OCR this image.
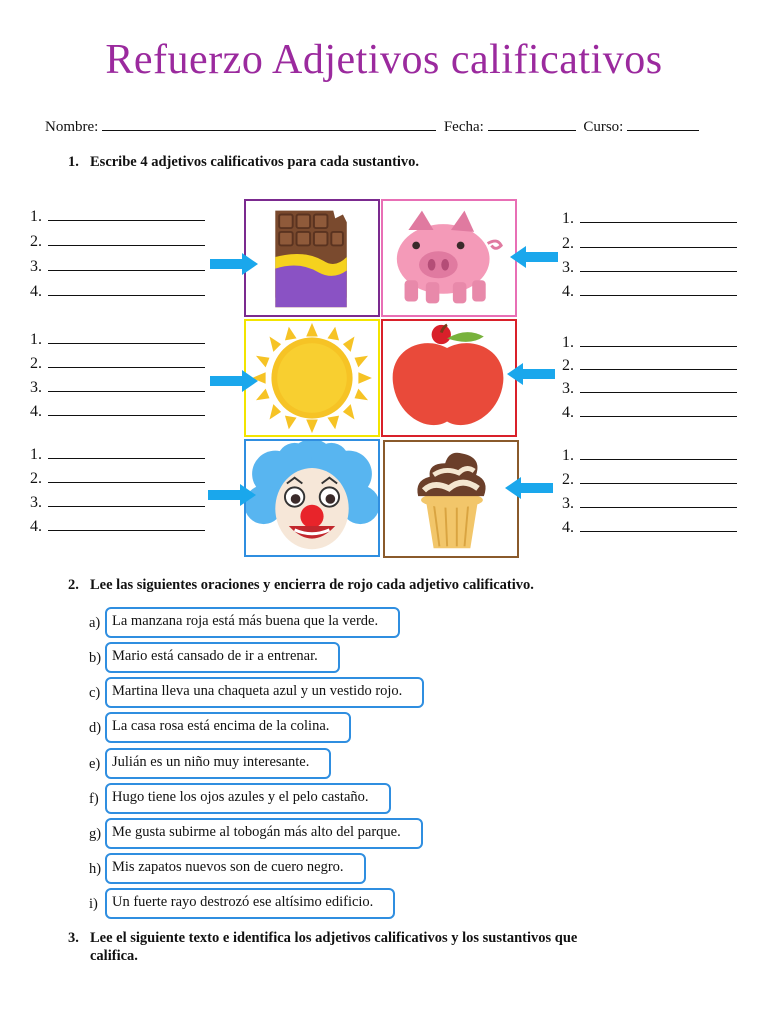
Refuerzo Adjetivos calificativos
Nombre:	Fecha:	Curso:
1. Escribe 4 adjetivos calificativos para cada sustantivo.
1.
2.
3.
4.
1.
2.
3.
4.
1.
2.
3.
4.
1.
2.
3.
4.
1.
2.
3.
4.
1.
2.
3.
4.
2. Lee las siguientes oraciones y encierra de rojo cada adjetivo calificativo.
a) La manzana roja está más buena que la verde.
b) Mario está cansado de ir a entrenar.
c) Martina lleva una chaqueta azul y un vestido rojo.
d) La casa rosa está encima de la colina.
e) Julián es un niño muy interesante.
f) Hugo tiene los ojos azules y el pelo castaño.
g) Me gusta subirme al tobogán más alto del parque.
h) Mis zapatos nuevos son de cuero negro.
i) Un fuerte rayo destrozó ese altísimo edificio.
3. Lee el siguiente texto e identifica los adjetivos calificativos y los sustantivos que
califica.
